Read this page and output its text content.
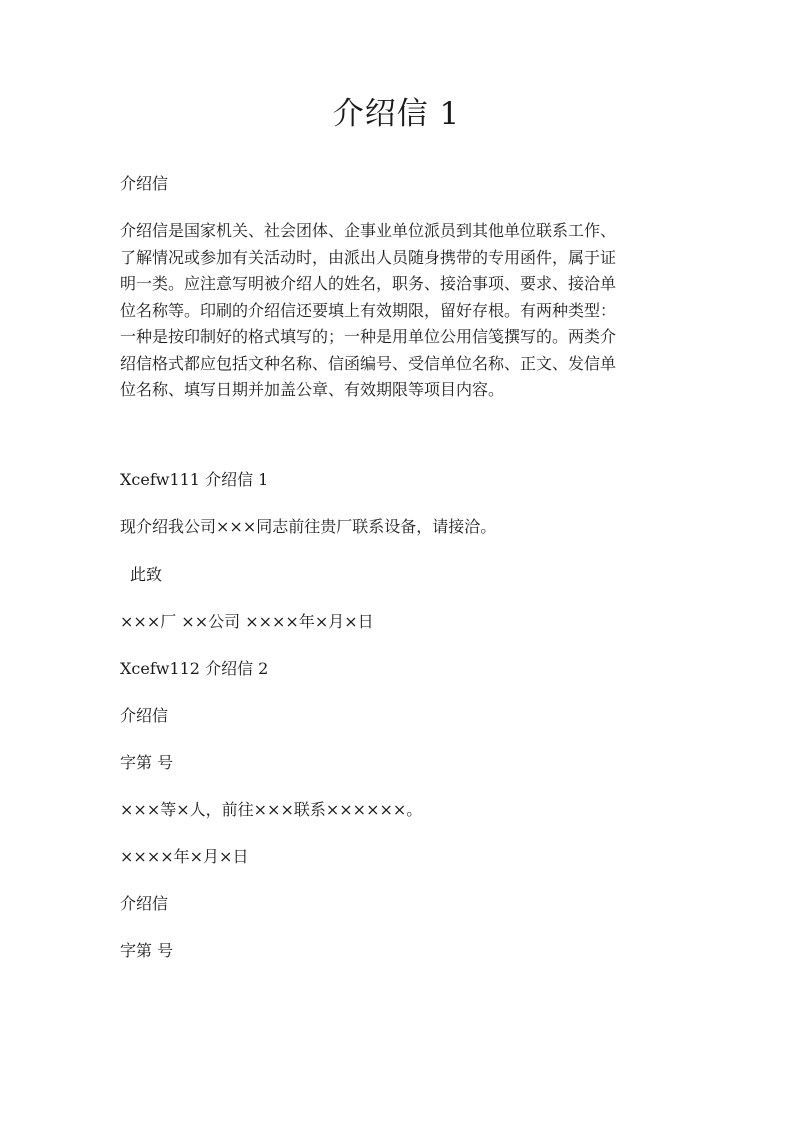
介绍信 1

介绍信

介绍信是国家机关、社会团体、企事业单位派员到其他单位联系工作、
了解情况或参加有关活动时，由派出人员随身携带的专用函件，属于证
明一类。应注意写明被介绍人的姓名，职务、接洽事项、要求、接洽单
位名称等。印刷的介绍信还要填上有效期限，留好存根。有两种类型：
一种是按印制好的格式填写的；一种是用单位公用信笺撰写的。两类介
绍信格式都应包括文种名称、信函编号、受信单位名称、正文、发信单
位名称、填写日期并加盖公章、有效期限等项目内容。

Xcefw111 介绍信 1

现介绍我公司×××同志前往贵厂联系设备，请接洽。

此致

×××厂 ××公司 ××××年×月×日

Xcefw112 介绍信 2

介绍信

字第 号

×××等×人，前往×××联系××××××。

××××年×月×日

介绍信

字第 号
